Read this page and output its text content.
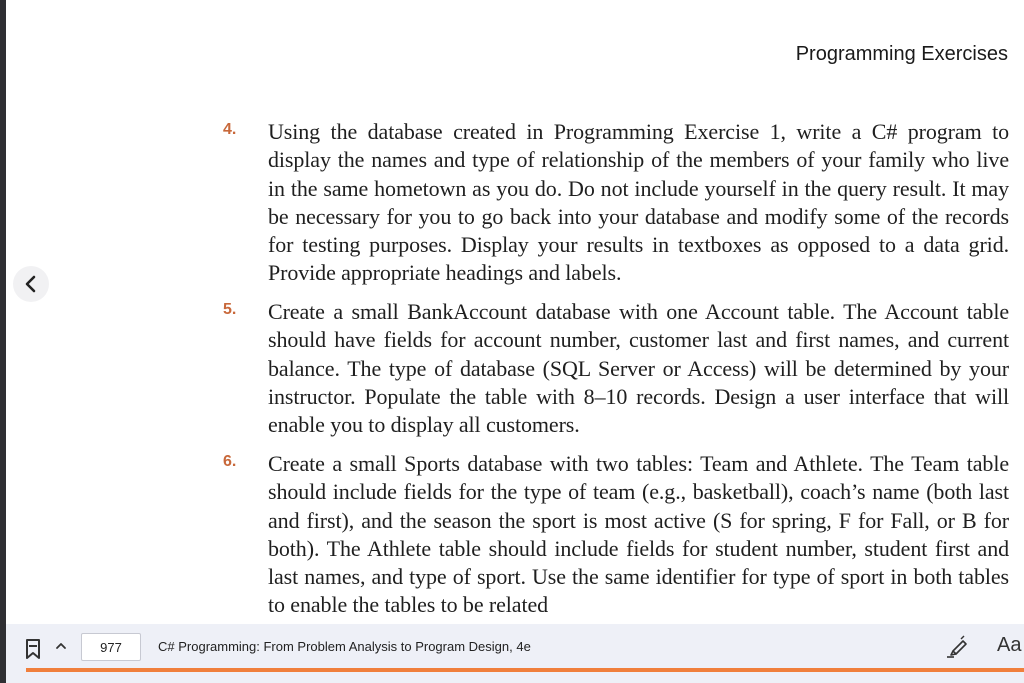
Programming Exercises
4.	Using the database created in Programming Exercise 1, write a C# program to display the names and type of relationship of the members of your family who live in the same hometown as you do. Do not include yourself in the query result. It may be necessary for you to go back into your database and modify some of the records for testing purposes. Display your results in textboxes as opposed to a data grid. Provide appropriate headings and labels.
5.	Create a small BankAccount database with one Account table. The Account table should have fields for account number, customer last and first names, and current balance. The type of database (SQL Server or Access) will be determined by your instructor. Populate the table with 8–10 records. Design a user interface that will enable you to display all customers.
6.	Create a small Sports database with two tables: Team and Athlete. The Team table should include fields for the type of team (e.g., basketball), coach’s name (both last and first), and the season the sport is most active (S for spring, F for Fall, or B for both). The Athlete table should include fields for student number, student first and last names, and type of sport. Use the same identifier for type of sport in both tables to enable the tables to be related
977
C# Programming: From Problem Analysis to Program Design, 4e	Aa
